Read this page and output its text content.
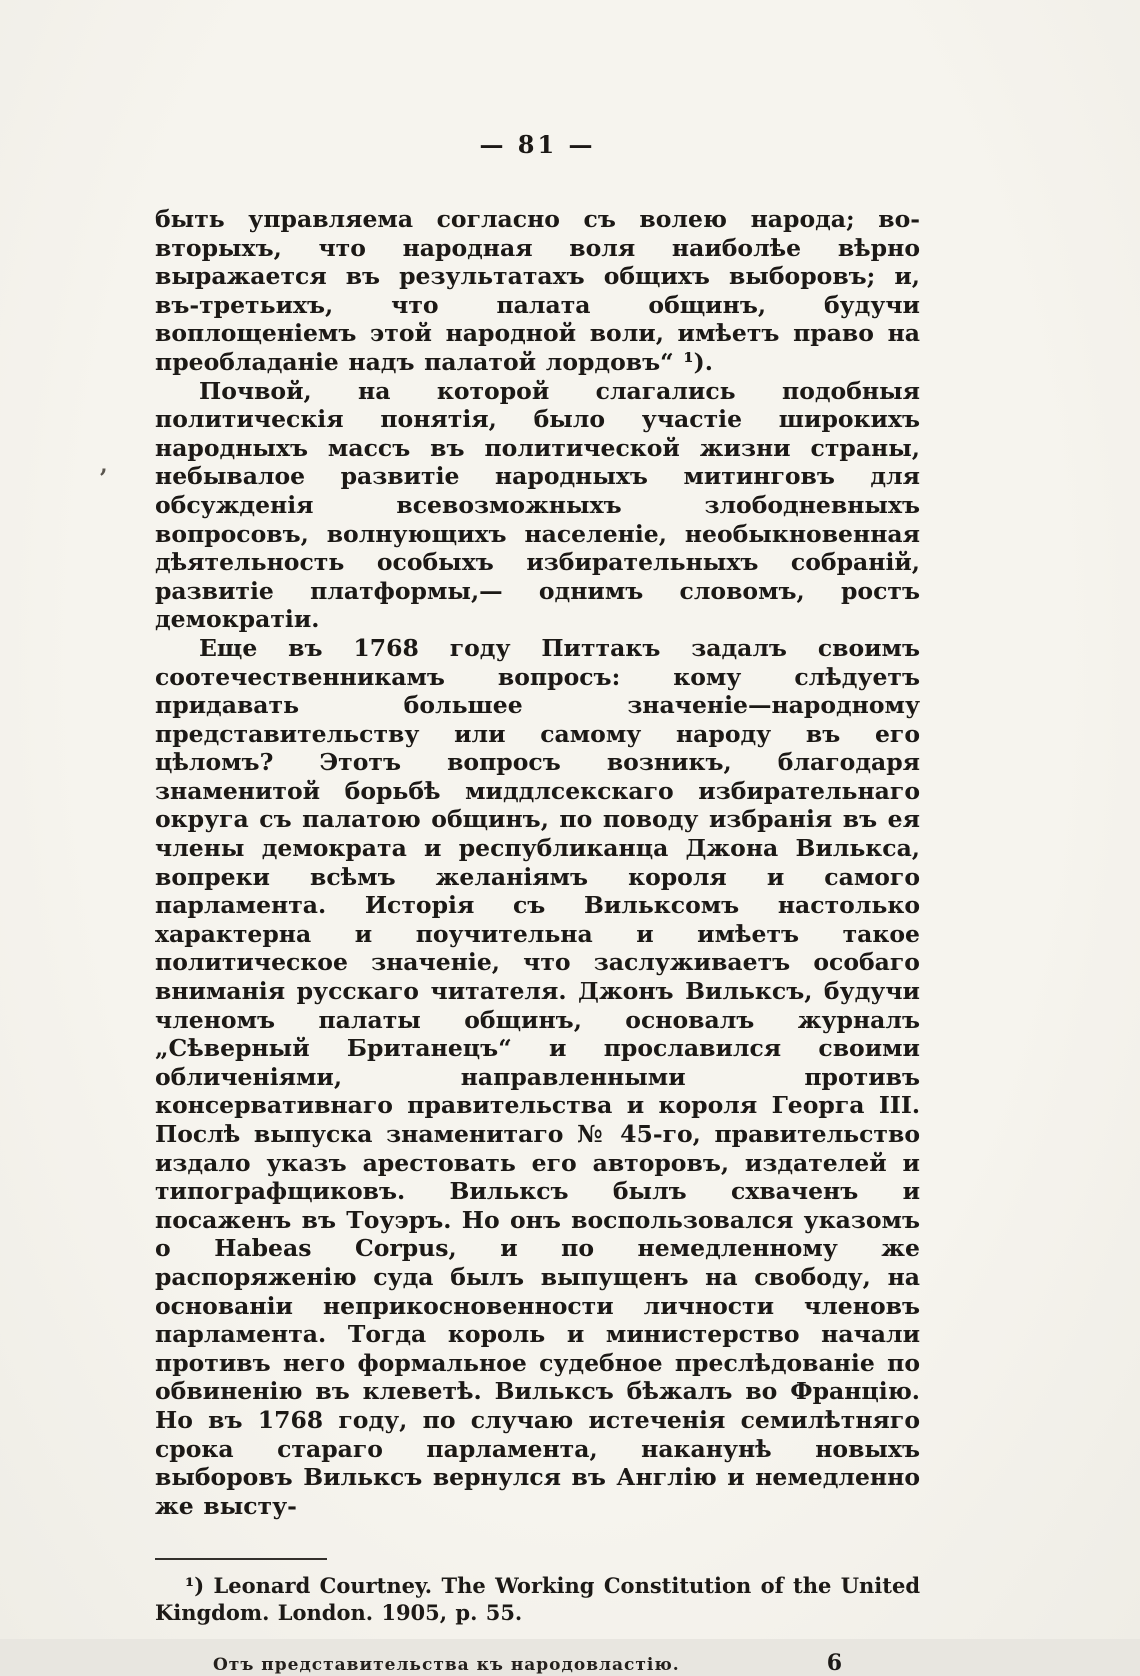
— 81 —

быть управляема согласно съ волею народа; во-вторыхъ, что народная воля наиболѣе вѣрно выражается въ результатахъ общихъ выборовъ; и, въ-третьихъ, что палата общинъ, будучи воплощеніемъ этой народной воли, имѣетъ право на преобладаніе надъ палатой лордовъ“ ¹).

Почвой, на которой слагались подобныя политическія понятія, было участіе широкихъ народныхъ массъ въ политической жизни страны, небывалое развитіе народныхъ митинговъ для обсужденія всевозможныхъ злободневныхъ вопросовъ, волнующихъ населеніе, необыкновенная дѣятельность особыхъ избирательныхъ собраній, развитіе платформы,— однимъ словомъ, ростъ демократіи.

Еще въ 1768 году Питтакъ задалъ своимъ соотечественникамъ вопросъ: кому слѣдуетъ придавать большее значеніе—народному представительству или самому народу въ его цѣломъ? Этотъ вопросъ возникъ, благодаря знаменитой борьбѣ миддлсекскаго избирательнаго округа съ палатою общинъ, по поводу избранія въ ея члены демократа и республиканца Джона Вилькса, вопреки всѣмъ желаніямъ короля и самого парламента. Исторія съ Вильксомъ настолько характерна и поучительна и имѣетъ такое политическое значеніе, что заслуживаетъ особаго вниманія русскаго читателя. Джонъ Вильксъ, будучи членомъ палаты общинъ, основалъ журналъ „Сѣверный Британецъ“ и прославился своими обличеніями, направленными противъ консервативнаго правительства и короля Георга III. Послѣ выпуска знаменитаго № 45-го, правительство издало указъ арестовать его авторовъ, издателей и типографщиковъ. Вильксъ былъ схваченъ и посаженъ въ Тоуэръ. Но онъ воспользовался указомъ о Habeas Corpus, и по немедленному же распоряженію суда былъ выпущенъ на свободу, на основаніи неприкосновенности личности членовъ парламента. Тогда король и министерство начали противъ него формальное судебное преслѣдованіе по обвиненію въ клеветѣ. Вильксъ бѣжалъ во Францію. Но въ 1768 году, по случаю истеченія семилѣтняго срока стараго парламента, наканунѣ новыхъ выборовъ Вильксъ вернулся въ Англію и немедленно же высту-

¹) Leonard Courtney. The Working Constitution of the United Kingdom. London. 1905, p. 55.

Отъ представительства къ народовластію.	6
,
